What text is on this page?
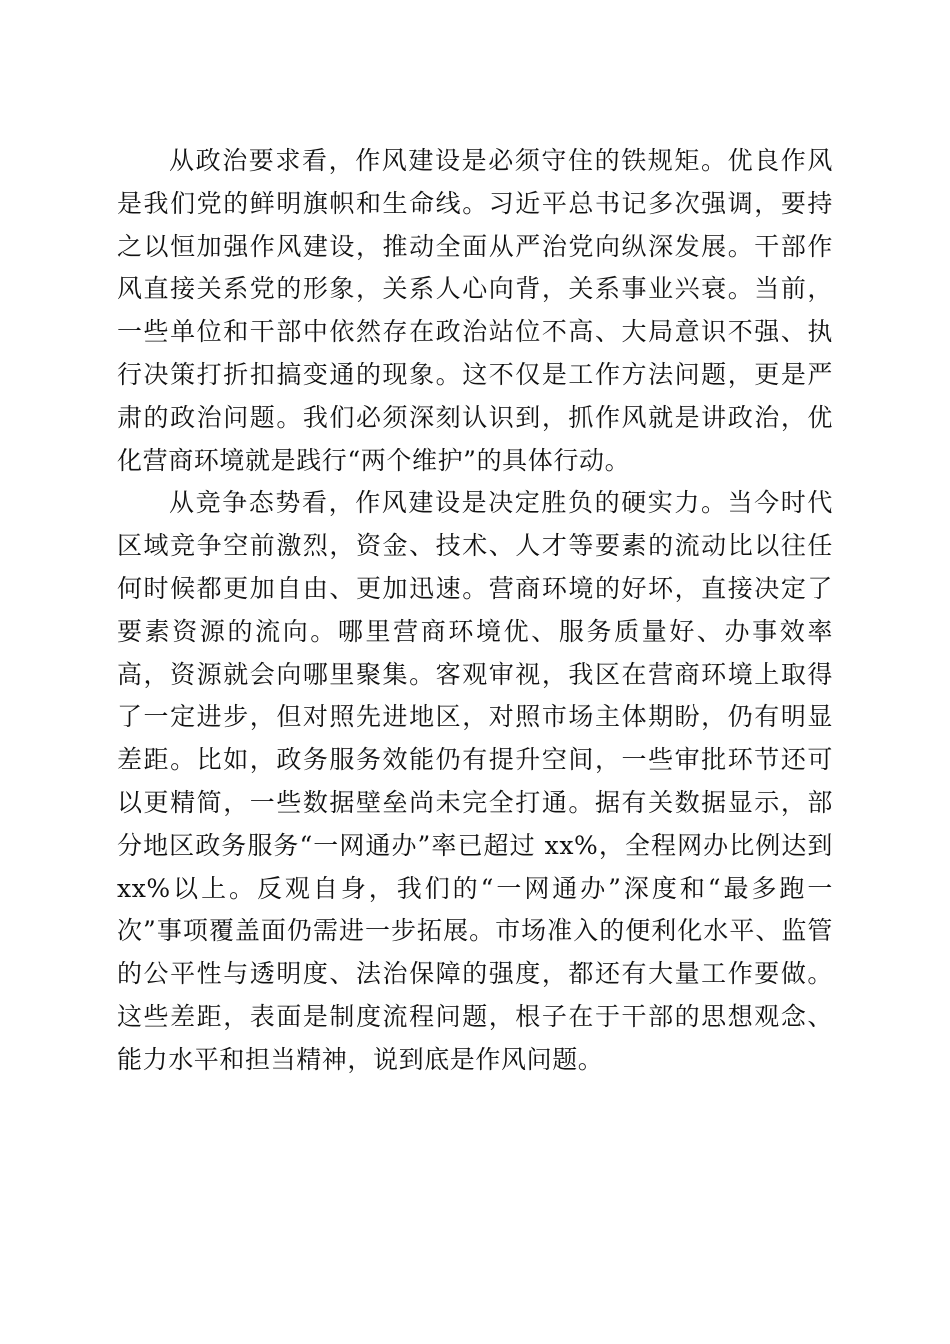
从政治要求看，作风建设是必须守住的铁规矩。优良作风是我们党的鲜明旗帜和生命线。习近平总书记多次强调，要持之以恒加强作风建设，推动全面从严治党向纵深发展。干部作风直接关系党的形象，关系人心向背，关系事业兴衰。当前，一些单位和干部中依然存在政治站位不高、大局意识不强、执行决策打折扣搞变通的现象。这不仅是工作方法问题，更是严肃的政治问题。我们必须深刻认识到，抓作风就是讲政治，优化营商环境就是践行“两个维护”的具体行动。

从竞争态势看，作风建设是决定胜负的硬实力。当今时代区域竞争空前激烈，资金、技术、人才等要素的流动比以往任何时候都更加自由、更加迅速。营商环境的好坏，直接决定了要素资源的流向。哪里营商环境优、服务质量好、办事效率高，资源就会向哪里聚集。客观审视，我区在营商环境上取得了一定进步，但对照先进地区，对照市场主体期盼，仍有明显差距。比如，政务服务效能仍有提升空间，一些审批环节还可以更精简，一些数据壁垒尚未完全打通。据有关数据显示，部分地区政务服务“一网通办”率已超过 xx%，全程网办比例达到 xx%以上。反观自身，我们的“一网通办”深度和“最多跑一次”事项覆盖面仍需进一步拓展。市场准入的便利化水平、监管的公平性与透明度、法治保障的强度，都还有大量工作要做。这些差距，表面是制度流程问题，根子在于干部的思想观念、能力水平和担当精神，说到底是作风问题。
